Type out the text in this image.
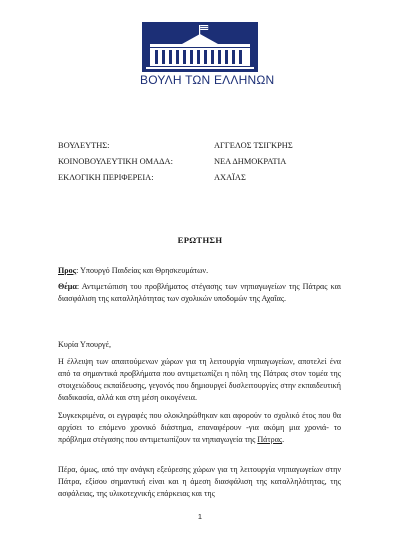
ΒΟΥΛΗ ΤΩΝ ΕΛΛΗΝΩΝ
ΒΟΥΛΕΥΤΗΣ:	ΑΓΓΕΛΟΣ ΤΣΙΓΚΡΗΣ
ΚΟΙΝΟΒΟΥΛΕΥΤΙΚΗ ΟΜΑΔΑ:	ΝΕΑ ΔΗΜΟΚΡΑΤΙΑ
ΕΚΛΟΓΙΚΗ ΠΕΡΙΦΕΡΕΙΑ:	ΑΧΑΪΑΣ
ΕΡΩΤΗΣΗ
Προς: Υπουργό Παιδείας και Θρησκευμάτων.
Θέμα: Αντιμετώπιση του προβλήματος στέγασης των νηπιαγωγείων της Πάτρας και διασφάλιση της καταλληλότητας των σχολικών υποδομών της Αχαΐας.
Κυρία Υπουργέ,
Η έλλειψη των απαιτούμενων χώρων για τη λειτουργία νηπιαγωγείων, αποτελεί ένα από τα σημαντικά προβλήματα που αντιμετωπίζει η πόλη της Πάτρας στον τομέα της στοιχειώδους εκπαίδευσης, γεγονός που δημιουργεί δυσλειτουργίες στην εκπαιδευτική διαδικασία, αλλά και στη μέση οικογένεια.
Συγκεκριμένα, οι εγγραφές που ολοκληρώθηκαν και αφορούν το σχολικό έτος που θα αρχίσει το επόμενο χρονικό διάστημα, επαναφέρουν -για ακόμη μια χρονιά- το πρόβλημα στέγασης που αντιμετωπίζουν τα νηπιαγωγεία της Πάτρας.
Πέρα, όμως, από την ανάγκη εξεύρεσης χώρων για τη λειτουργία νηπιαγωγείων στην Πάτρα, εξίσου σημαντική είναι και η άμεση διασφάλιση της καταλληλότητας, της ασφάλειας, της υλικοτεχνικής επάρκειας και της
1
